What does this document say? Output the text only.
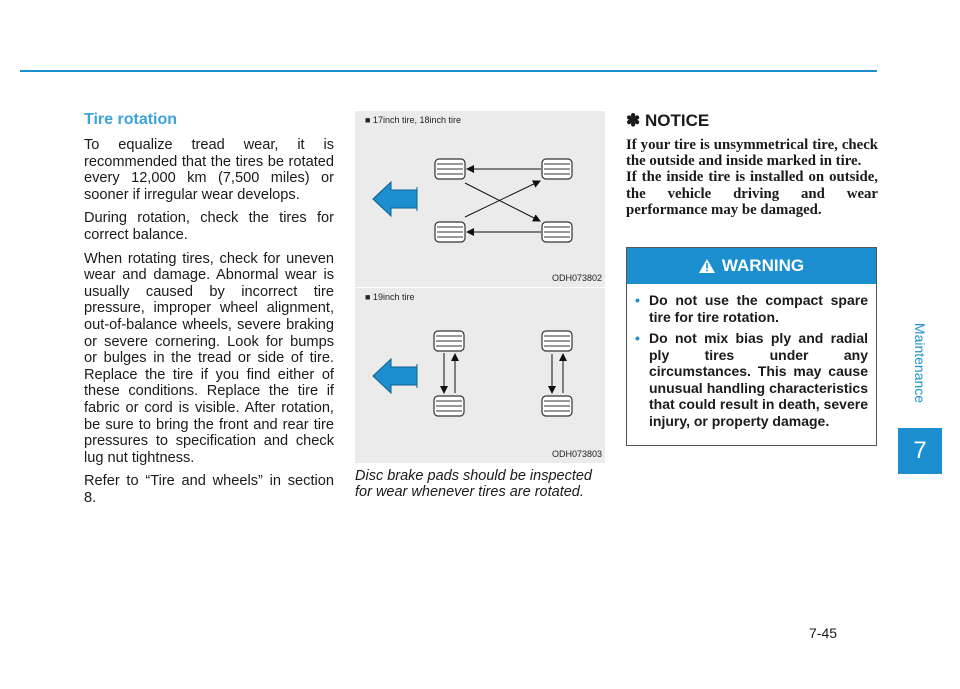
Maintenance
7
Tire rotation

To equalize tread wear, it is recommended that the tires be rotated every 12,000 km (7,500 miles) or sooner if irregular wear develops.

During rotation, check the tires for correct balance.

When rotating tires, check for uneven wear and damage. Abnormal wear is usually caused by incorrect tire pressure, improper wheel alignment, out-of-balance wheels, severe braking or severe cornering. Look for bumps or bulges in the tread or side of tire. Replace the tire if you find either of these conditions. Replace the tire if fabric or cord is visible. After rotation, be sure to bring the front and rear tire pressures to specification and check lug nut tightness.

Refer to “Tire and wheels” in section 8.

■ 17inch tire, 18inch tire
ODH073802
■ 19inch tire
ODH073803
Disc brake pads should be inspected for wear whenever tires are rotated.
✽ NOTICE

If your tire is unsymmetrical tire, check the outside and inside marked in tire.

If the inside tire is installed on outside, the vehicle driving and wear performance may be damaged.

WARNING
• Do not use the compact spare tire for tire rotation.
• Do not mix bias ply and radial ply tires under any circumstances. This may cause unusual handling characteristics that could result in death, severe injury, or property damage.
7-45
